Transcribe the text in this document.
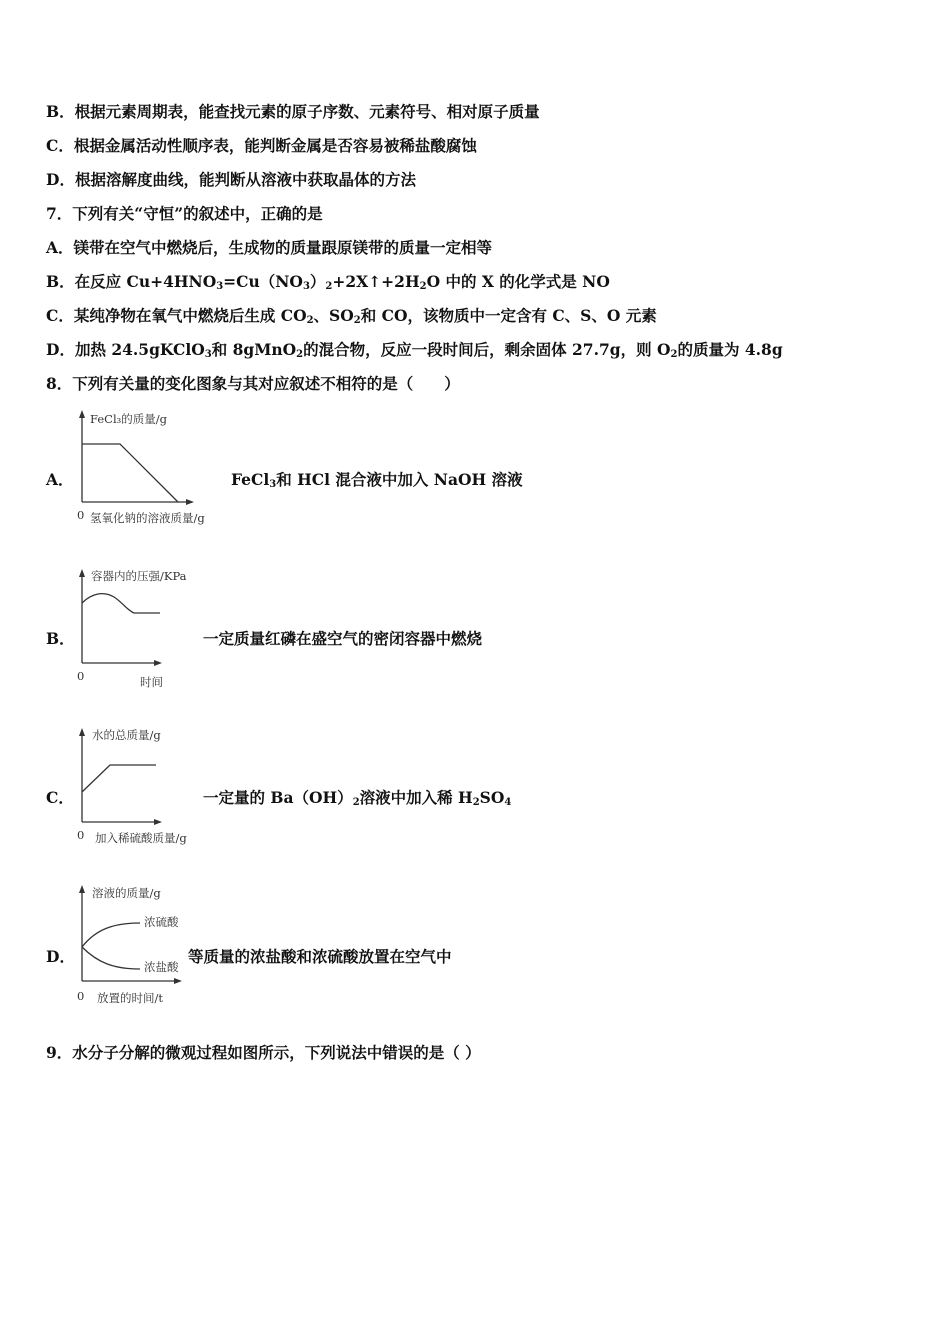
B．根据元素周期表，能查找元素的原子序数、元素符号、相对原子质量
C．根据金属活动性顺序表，能判断金属是否容易被稀盐酸腐蚀
D．根据溶解度曲线，能判断从溶液中获取晶体的方法
7．下列有关“守恒”的叙述中，正确的是
A．镁带在空气中燃烧后，生成物的质量跟原镁带的质量一定相等
B．在反应 $Cu+4HNO_3=Cu(NO_3)_2+2X↑+2H_2O$ 中的 X 的化学式是 NO
C．某纯净物在氧气中燃烧后生成 $CO_2$、$SO_2$和 CO，该物质中一定含有 C、S、O 元素
D．加热 24.5gKClO$_3$和 8gMnO$_2$的混合物，反应一段时间后，剩余固体 27.7g，则 $O_2$的质量为 4.8g
8．下列有关量的变化图象与其对应叙述不相符的是（　　）
A．
FeCl₃的质量/g
0 氢氧化钠的溶液质量/g
FeCl$_3$和 HCl 混合液中加入 NaOH 溶液
B．
容器内的压强/KPa
0	时间
一定质量红磷在盛空气的密闭容器中燃烧
C．
水的总质量/g
0 加入稀硫酸质量/g
一定量的 $Ba(OH)_2$溶液中加入稀 $H_2SO_4$
D．
溶液的质量/g
浓硫酸
浓盐酸
0 放置的时间/t
等质量的浓盐酸和浓硫酸放置在空气中
9．水分子分解的微观过程如图所示，下列说法中错误的是（ ）
